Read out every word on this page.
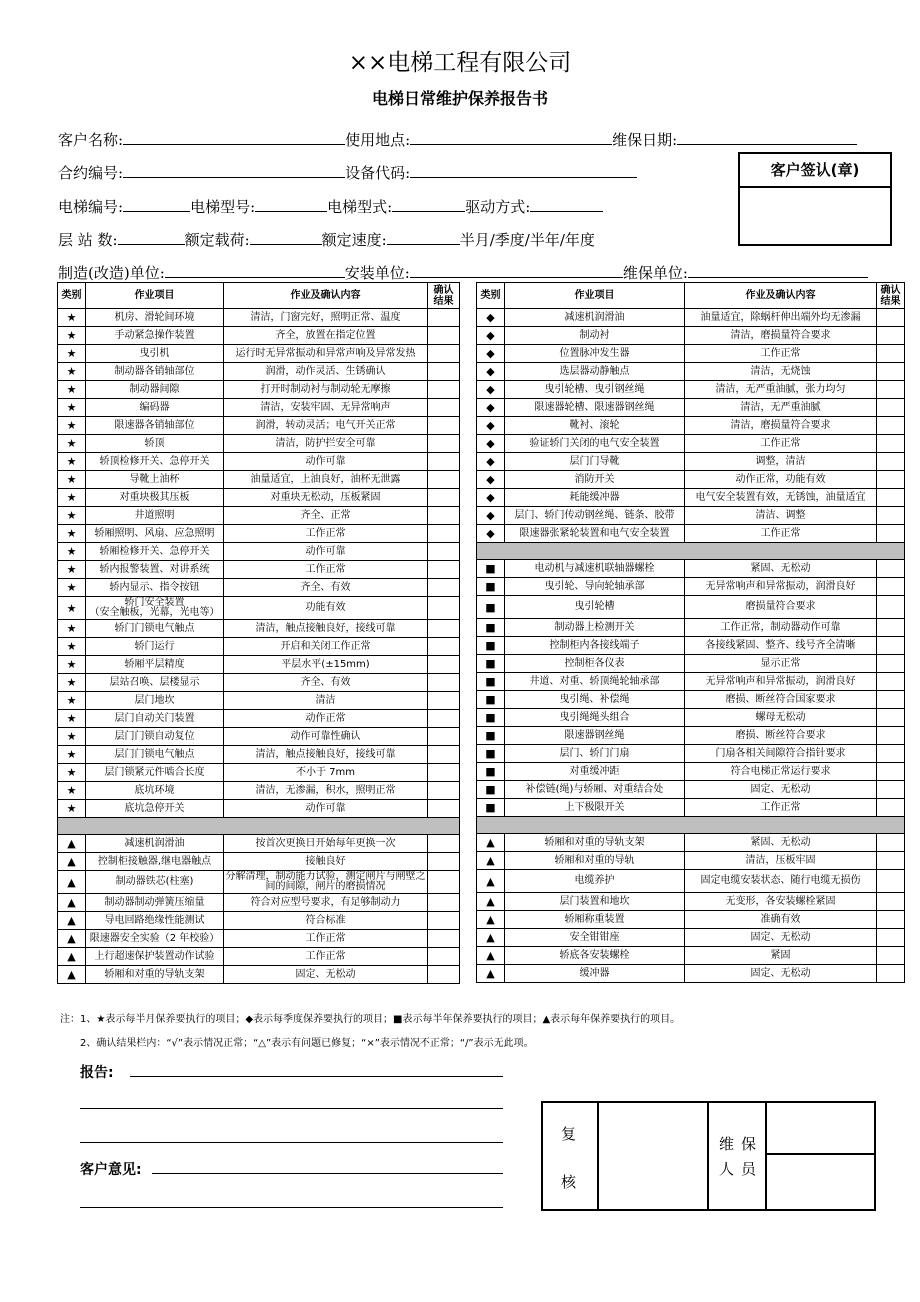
××电梯工程有限公司
电梯日常维护保养报告书
客户名称:	使用地点:	维保日期:
合约编号:	设备代码:
电梯编号:	电梯型号:	电梯型式:	驱动方式:
层 站 数:	额定载荷:	额定速度:	半月/季度/半年/年度
制造(改造)单位:	安装单位:	维保单位:
客户签认(章)
类别	作业项目	作业及确认内容	确认
结果
★	机房、滑轮间环境	清洁，门窗完好，照明正常、温度	
★	手动紧急操作装置	齐全，放置在指定位置	
★	曳引机	运行时无异常振动和异常声响及异常发热	
★	制动器各销轴部位	润滑，动作灵活、生锈确认	
★	制动器间隙	打开时制动衬与制动轮无摩擦	
★	编码器	清洁，安装牢固、无异常响声	
★	限速器各销轴部位	润滑，转动灵活；电气开关正常	
★	轿顶	清洁，防护拦安全可靠	
★	轿顶检修开关、急停开关	动作可靠	
★	导靴上油杯	油量适宜，上油良好，油杯无泄露	
★	对重块极其压板	对重块无松动，压板紧固	
★	井道照明	齐全、正常	
★	轿厢照明、风扇、应急照明	工作正常	
★	轿厢检修开关、急停开关	动作可靠	
★	轿内报警装置、对讲系统	工作正常	
★	轿内显示、指令按钮	齐全、有效	
★	轿门安全装置
（安全触板，光幕，光电等）	功能有效	
★	轿门门锁电气触点	清洁，触点接触良好，接线可靠	
★	轿门运行	开启和关闭工作正常	
★	轿厢平层精度	平层水平(±15mm)	
★	层站召唤、层楼显示	齐全、有效	
★	层门地坎	清洁	
★	层门自动关门装置	动作正常	
★	层门门锁自动复位	动作可靠性确认	
★	层门门锁电气触点	清洁，触点接触良好，接线可靠	
★	层门锁紧元件啮合长度	不小于 7mm	
★	底坑环境	清洁，无渗漏，积水，照明正常	
★	底坑急停开关	动作可靠	

▲	减速机润滑油	按首次更换日开始每年更换一次	
▲	控制柜接触器,继电器触点	接触良好	
▲	制动器铁芯(柱塞)	分解清理，制动能力试验，测定闸片与闸壁之间的间隙，闸片的磨损情况	
▲	制动器制动弹簧压缩量	符合对应型号要求，有足够制动力	
▲	导电回路绝缘性能测试	符合标准	
▲	限速器安全实验（2 年校验）	工作正常	
▲	上行超速保护装置动作试验	工作正常	
▲	轿厢和对重的导轨支架	固定、无松动	
类别	作业项目	作业及确认内容	确认
结果
◆	减速机润滑油	油量适宜，除蜗杆伸出端外均无渗漏	
◆	制动衬	清洁，磨损量符合要求	
◆	位置脉冲发生器	工作正常	
◆	选层器动静触点	清洁，无烧蚀	
◆	曳引轮槽、曳引钢丝绳	清洁，无严重油腻，张力均匀	
◆	限速器轮槽、限速器钢丝绳	清洁，无严重油腻	
◆	靴衬、滚轮	清洁，磨损量符合要求	
◆	验证轿门关闭的电气安全装置	工作正常	
◆	层门门导靴	调整，清洁	
◆	消防开关	动作正常，功能有效	
◆	耗能缓冲器	电气安全装置有效，无锈蚀，油量适宜	
◆	层门、轿门传动钢丝绳、链条、胶带	清洁、调整	
◆	限速器张紧轮装置和电气安全装置	工作正常	

■	电动机与减速机联轴器螺栓	紧固、无松动	
■	曳引轮、导向轮轴承部	无异常响声和异常振动，润滑良好	
■	曳引轮槽	磨损量符合要求	
■	制动器上检测开关	工作正常，制动器动作可靠	
■	控制柜内各接线端子	各接线紧固、整齐、线号齐全清晰	
■	控制柜各仪表	显示正常	
■	井道、对重、轿顶绳轮轴承部	无异常响声和异常振动，润滑良好	
■	曳引绳、补偿绳	磨损、断丝符合国家要求	
■	曳引绳绳头组合	螺母无松动	
■	限速器钢丝绳	磨损、断丝符合要求	
■	层门、轿门门扇	门扇各相关间隙符合指针要求	
■	对重缓冲距	符合电梯正常运行要求	
■	补偿链(绳)与轿厢、对重结合处	固定、无松动	
■	上下极限开关	工作正常	

▲	轿厢和对重的导轨支架	紧固、无松动	
▲	轿厢和对重的导轨	清洁，压板牢固	
▲	电缆养护	固定电缆安装状态、随行电缆无损伤	
▲	层门装置和地坎	无变形，各安装螺栓紧固	
▲	轿厢称重装置	准确有效	
▲	安全钳钳座	固定、无松动	
▲	轿底各安装螺栓	紧固	
▲	缓冲器	固定、无松动	
注：1、★表示每半月保养要执行的项目；◆表示每季度保养要执行的项目；■表示每半年保养要执行的项目；▲表示每年保养要执行的项目。
2、确认结果栏内：“√”表示情况正常；“△”表示有问题已修复；“×”表示情况不正常；“/”表示无此项。
报告:
客户意见:
复
核
维 保
人 员
